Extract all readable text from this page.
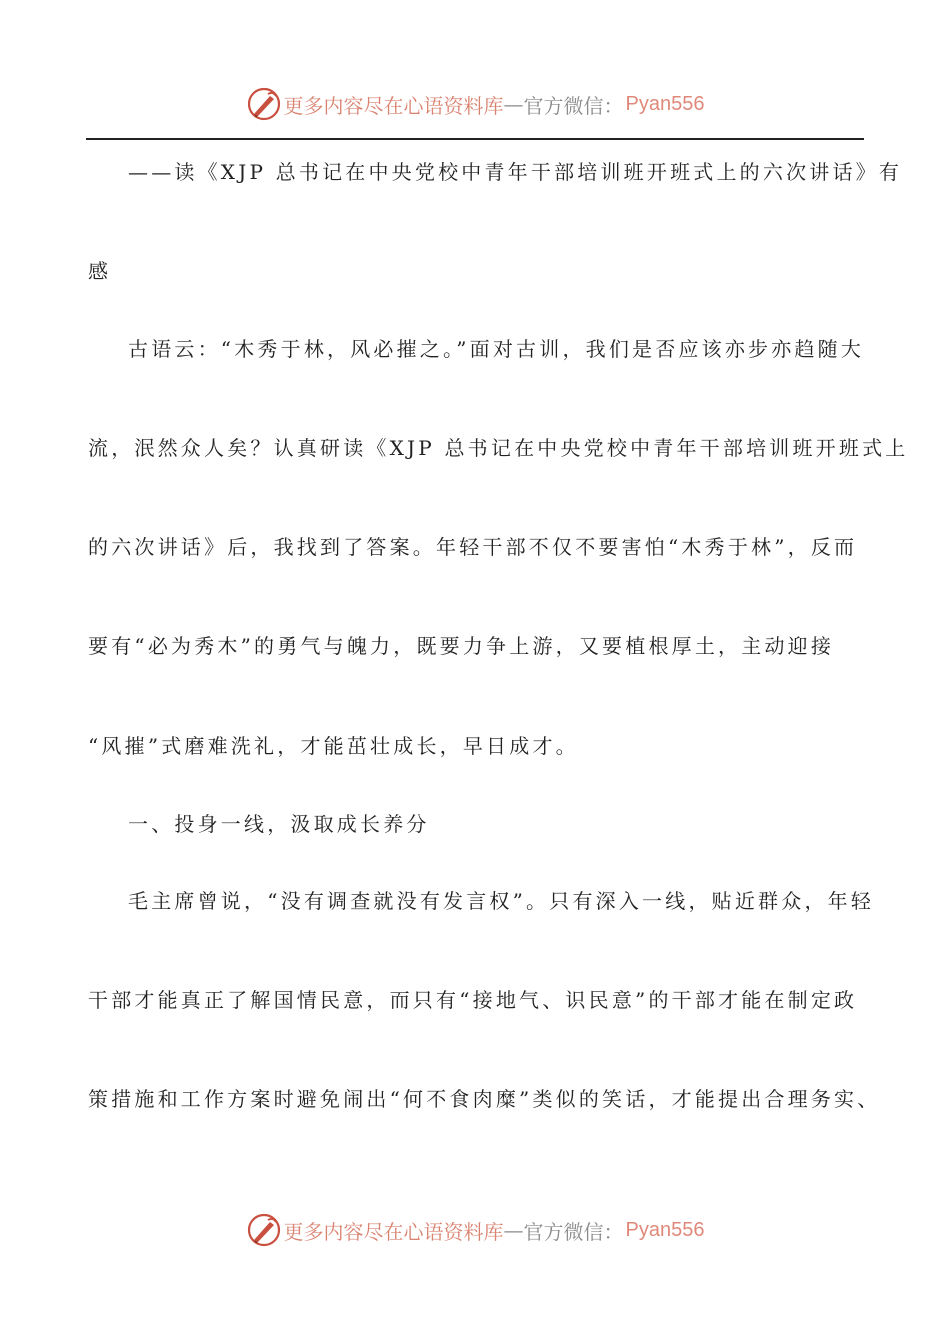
更多内容尽在心语资料库 — 官方微信： Pyan556
——读《XJP 总书记在中央党校中青年干部培训班开班式上的六次讲话》有
感
古语云：“木秀于林，风必摧之。”面对古训，我们是否应该亦步亦趋随大
流，泯然众人矣？认真研读《XJP 总书记在中央党校中青年干部培训班开班式上
的六次讲话》后，我找到了答案。年轻干部不仅不要害怕“木秀于林”，反而
要有“必为秀木”的勇气与魄力，既要力争上游，又要植根厚土，主动迎接
“风摧”式磨难洗礼，才能茁壮成长，早日成才。
一、投身一线，汲取成长养分
毛主席曾说，“没有调查就没有发言权”。只有深入一线，贴近群众，年轻
干部才能真正了解国情民意，而只有“接地气、识民意”的干部才能在制定政
策措施和工作方案时避免闹出“何不食肉糜”类似的笑话，才能提出合理务实、
更多内容尽在心语资料库 — 官方微信： Pyan556
